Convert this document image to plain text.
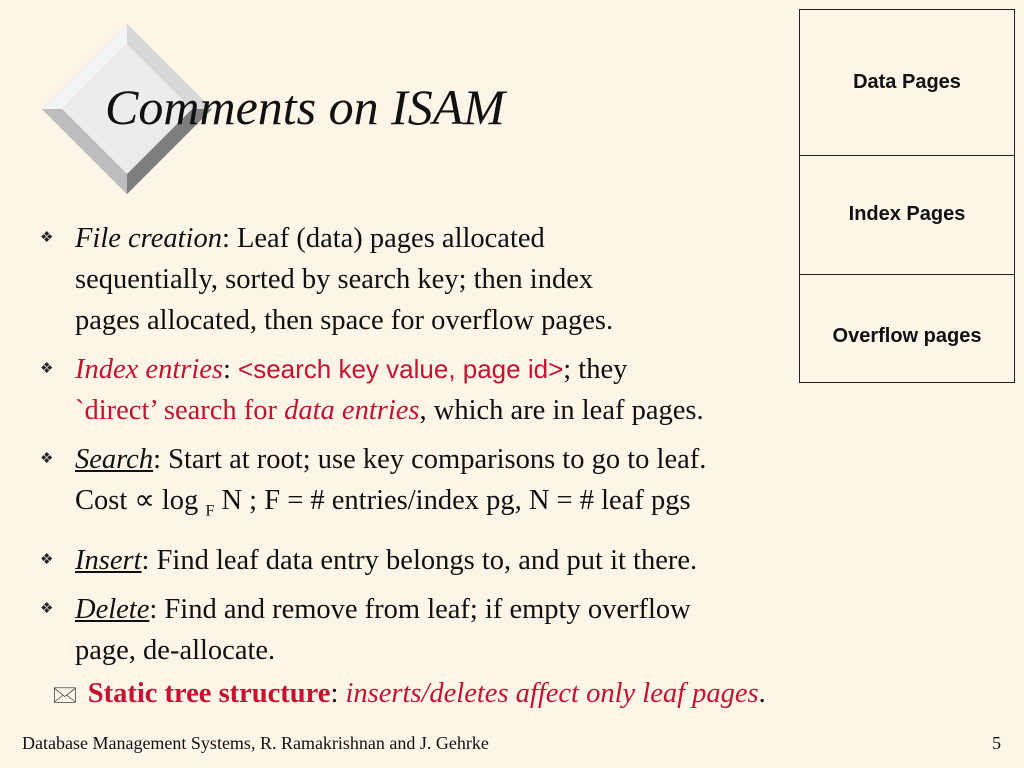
Comments on ISAM	Data Pages
Index Pages
Overflow pages
❖ File creation: Leaf (data) pages allocated
sequentially, sorted by search key; then index
pages allocated, then space for overflow pages.
❖ Index entries: <search key value, page id>; they
`direct’ search for data entries, which are in leaf pages.
❖ Search: Start at root; use key comparisons to go to leaf.
Cost ∝ log $_F$ N ; F = # entries/index pg, N = # leaf pgs
❖ Insert: Find leaf data entry belongs to, and put it there.
❖ Delete: Find and remove from leaf; if empty overflow
page, de-allocate.
🖂 Static tree structure: inserts/deletes affect only leaf pages.
Database Management Systems, R. Ramakrishnan and J. Gehrke	5
